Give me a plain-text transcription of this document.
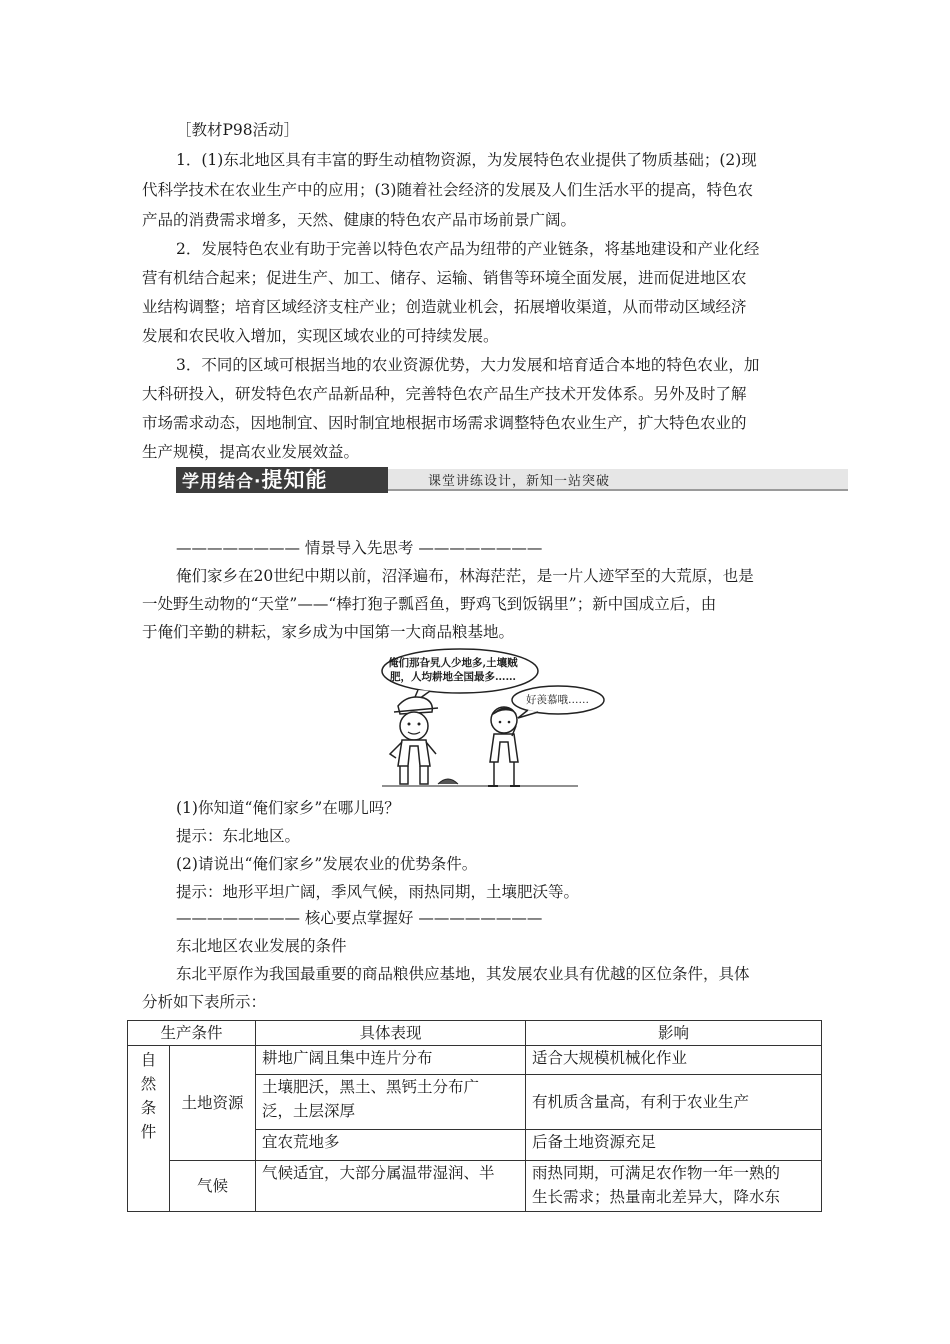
［教材P98活动］
1．(1)东北地区具有丰富的野生动植物资源，为发展特色农业提供了物质基础；(2)现
代科学技术在农业生产中的应用；(3)随着社会经济的发展及人们生活水平的提高，特色农
产品的消费需求增多，天然、健康的特色农产品市场前景广阔。
2．发展特色农业有助于完善以特色农产品为纽带的产业链条，将基地建设和产业化经
营有机结合起来；促进生产、加工、储存、运输、销售等环境全面发展，进而促进地区农
业结构调整；培育区域经济支柱产业；创造就业机会，拓展增收渠道，从而带动区域经济
发展和农民收入增加，实现区域农业的可持续发展。
3．不同的区域可根据当地的农业资源优势，大力发展和培育适合本地的特色农业，加
大科研投入，研发特色农产品新品种，完善特色农产品生产技术开发体系。另外及时了解
市场需求动态，因地制宜、因时制宜地根据市场需求调整特色农业生产，扩大特色农业的
生产规模，提高农业发展效益。
学用结合·提知能	课堂讲练设计，新知一站突破
———————— 情景导入先思考 ————————
俺们家乡在20世纪中期以前，沼泽遍布，林海茫茫，是一片人迹罕至的大荒原，也是
一处野生动物的“天堂”——“棒打狍子瓢舀鱼，野鸡飞到饭锅里”；新中国成立后，由
于俺们辛勤的耕耘，家乡成为中国第一大商品粮基地。
俺们那旮旯人少地多,土壤贼
肥，人均耕地全国最多……
好羡慕哦……
(1)你知道“俺们家乡”在哪儿吗？
提示：东北地区。
(2)请说出“俺们家乡”发展农业的优势条件。
提示：地形平坦广阔，季风气候，雨热同期，土壤肥沃等。
———————— 核心要点掌握好 ————————
东北地区农业发展的条件
东北平原作为我国最重要的商品粮供应基地，其发展农业具有优越的区位条件，具体
分析如下表所示：
生产条件		具体表现	影响

自
然
条
件	土地资源	耕地广阔且集中连片分布	适合大规模机械化作业

		土壤肥沃，黑土、黑钙土分布广
泛，土层深厚	有机质含量高，有利于农业生产
		宜农荒地多	后备土地资源充足
	气候	气候适宜，大部分属温带湿润、半	雨热同期，可满足农作物一年一熟的
生长需求；热量南北差异大，降水东
